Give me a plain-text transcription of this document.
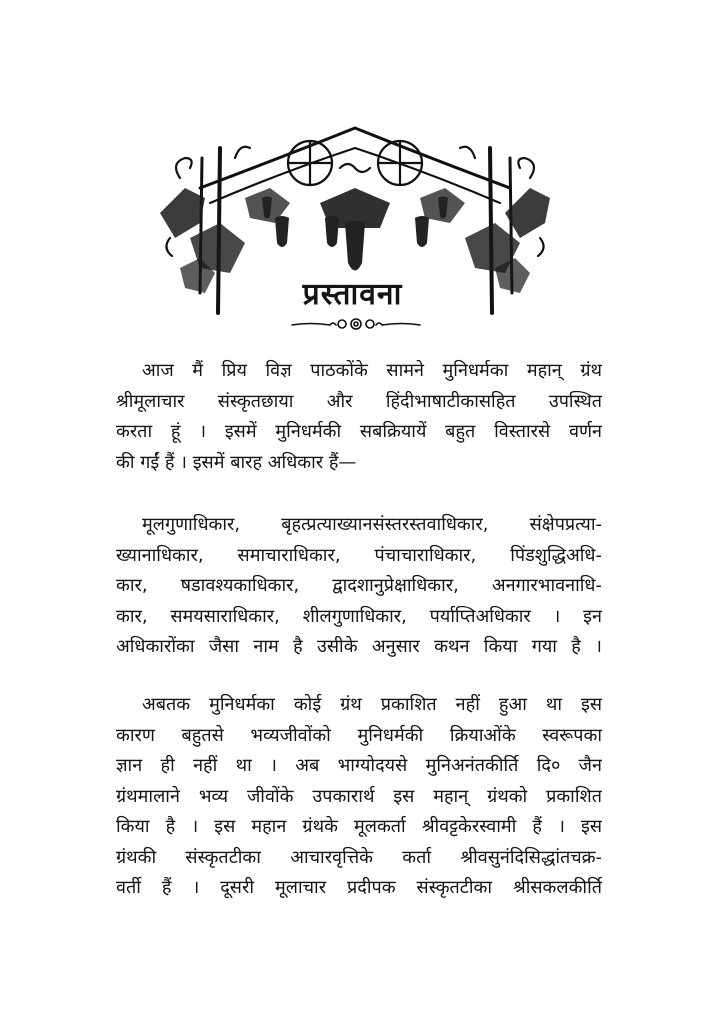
प्रस्तावना
आज मैं प्रिय विज्ञ पाठकोंके सामने मुनिधर्मका महान् ग्रंथ
श्रीमूलाचार संस्कृतछाया और हिंदीभाषाटीकासहित उपस्थित
करता हूं । इसमें मुनिधर्मकी सबक्रियायें बहुत विस्तारसे वर्णन
की गईं हैं । इसमें बारह अधिकार हैं—
मूलगुणाधिकार, बृहत्प्रत्याख्यानसंस्तरस्तवाधिकार, संक्षेपप्रत्या-
ख्यानाधिकार, समाचाराधिकार, पंचाचाराधिकार, पिंडशुद्धिअधि-
कार, षडावश्यकाधिकार, द्वादशानुप्रेक्षाधिकार, अनगारभावनाधि-
कार, समयसाराधिकार, शीलगुणाधिकार, पर्याप्तिअधिकार । इन
अधिकारोंका जैसा नाम है उसीके अनुसार कथन किया गया है ।
अबतक मुनिधर्मका कोई ग्रंथ प्रकाशित नहीं हुआ था इस
कारण बहुतसे भव्यजीवोंको मुनिधर्मकी क्रियाओंके स्वरूपका
ज्ञान ही नहीं था । अब भाग्योदयसे मुनिअनंतकीर्ति दि० जैन
ग्रंथमालाने भव्य जीवोंके उपकारार्थ इस महान् ग्रंथको प्रकाशित
किया है । इस महान ग्रंथके मूलकर्ता श्रीवट्टकेरस्वामी हैं । इस
ग्रंथकी संस्कृतटीका आचारवृत्तिके कर्ता श्रीवसुनंदिसिद्धांतचक्र-
वर्ती हैं । दूसरी मूलाचार प्रदीपक संस्कृतटीका श्रीसकलकीर्ति
